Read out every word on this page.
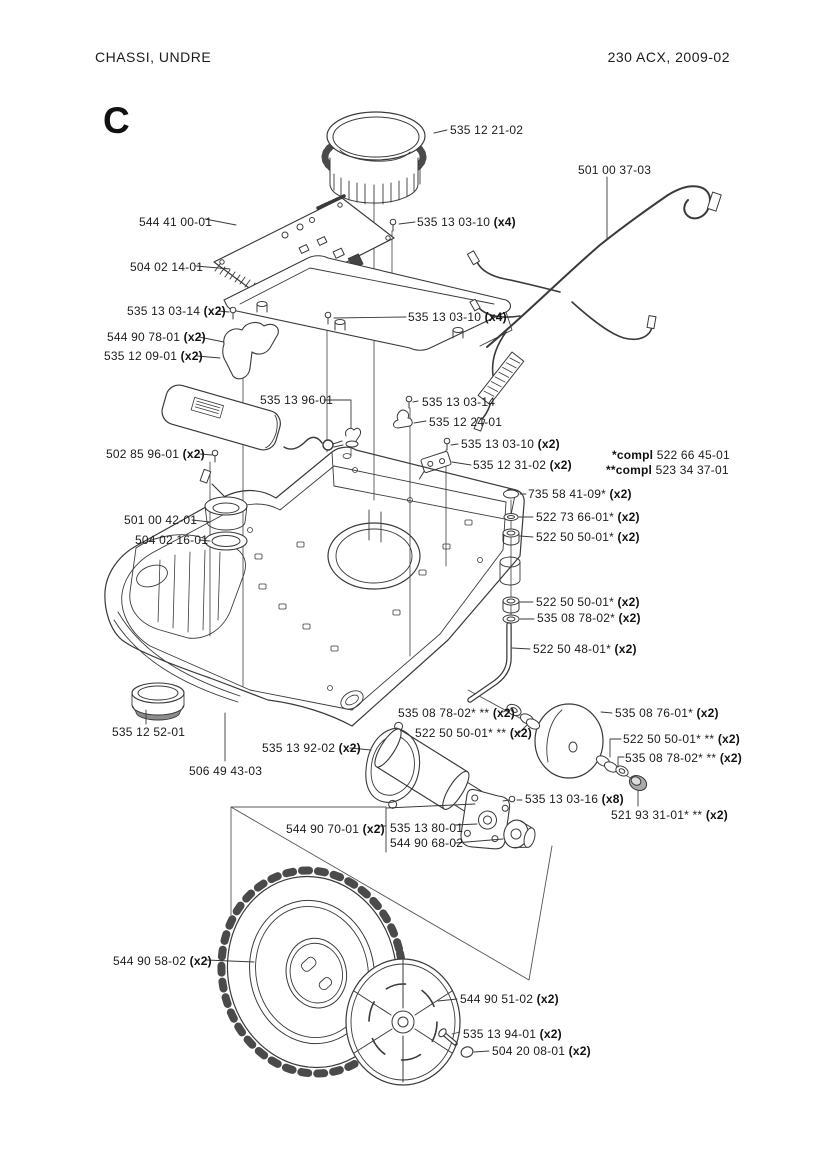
CHASSI, UNDRE	230 ACX, 2009-02
C	535 12 21-02
501 00 37-03
544 41 00-01	535 13 03-10 (x4)
504 02 14-01
535 13 03-14 (x2)
544 90 78-01 (x2)
535 12 09-01 (x2)
535 13 03-10 (x4)
535 13 96-01	535 13 03-14
535 12 24-01
535 13 03-10 (x2)
535 12 31-02 (x2)
502 85 96-01 (x2)	*compl 522 66 45-01
**compl 523 34 37-01
735 58 41-09* (x2)
522 73 66-01* (x2)
522 50 50-01* (x2)
501 00 42-01
504 02 16-01
522 50 50-01* (x2)
535 08 78-02* (x2)
522 50 48-01* (x2)
535 12 52-01
535 08 78-02* ** (x2)
522 50 50-01* ** (x2)
535 08 76-01* (x2)
522 50 50-01* ** (x2)
535 08 78-02* ** (x2)
535 13 92-02 (x2)
506 49 43-03
535 13 03-16 (x8)
521 93 31-01* ** (x2)
544 90 70-01 (x2) 535 13 80-01
544 90 68-02
544 90 58-02 (x2)
544 90 51-02 (x2)
535 13 94-01 (x2)
504 20 08-01 (x2)
